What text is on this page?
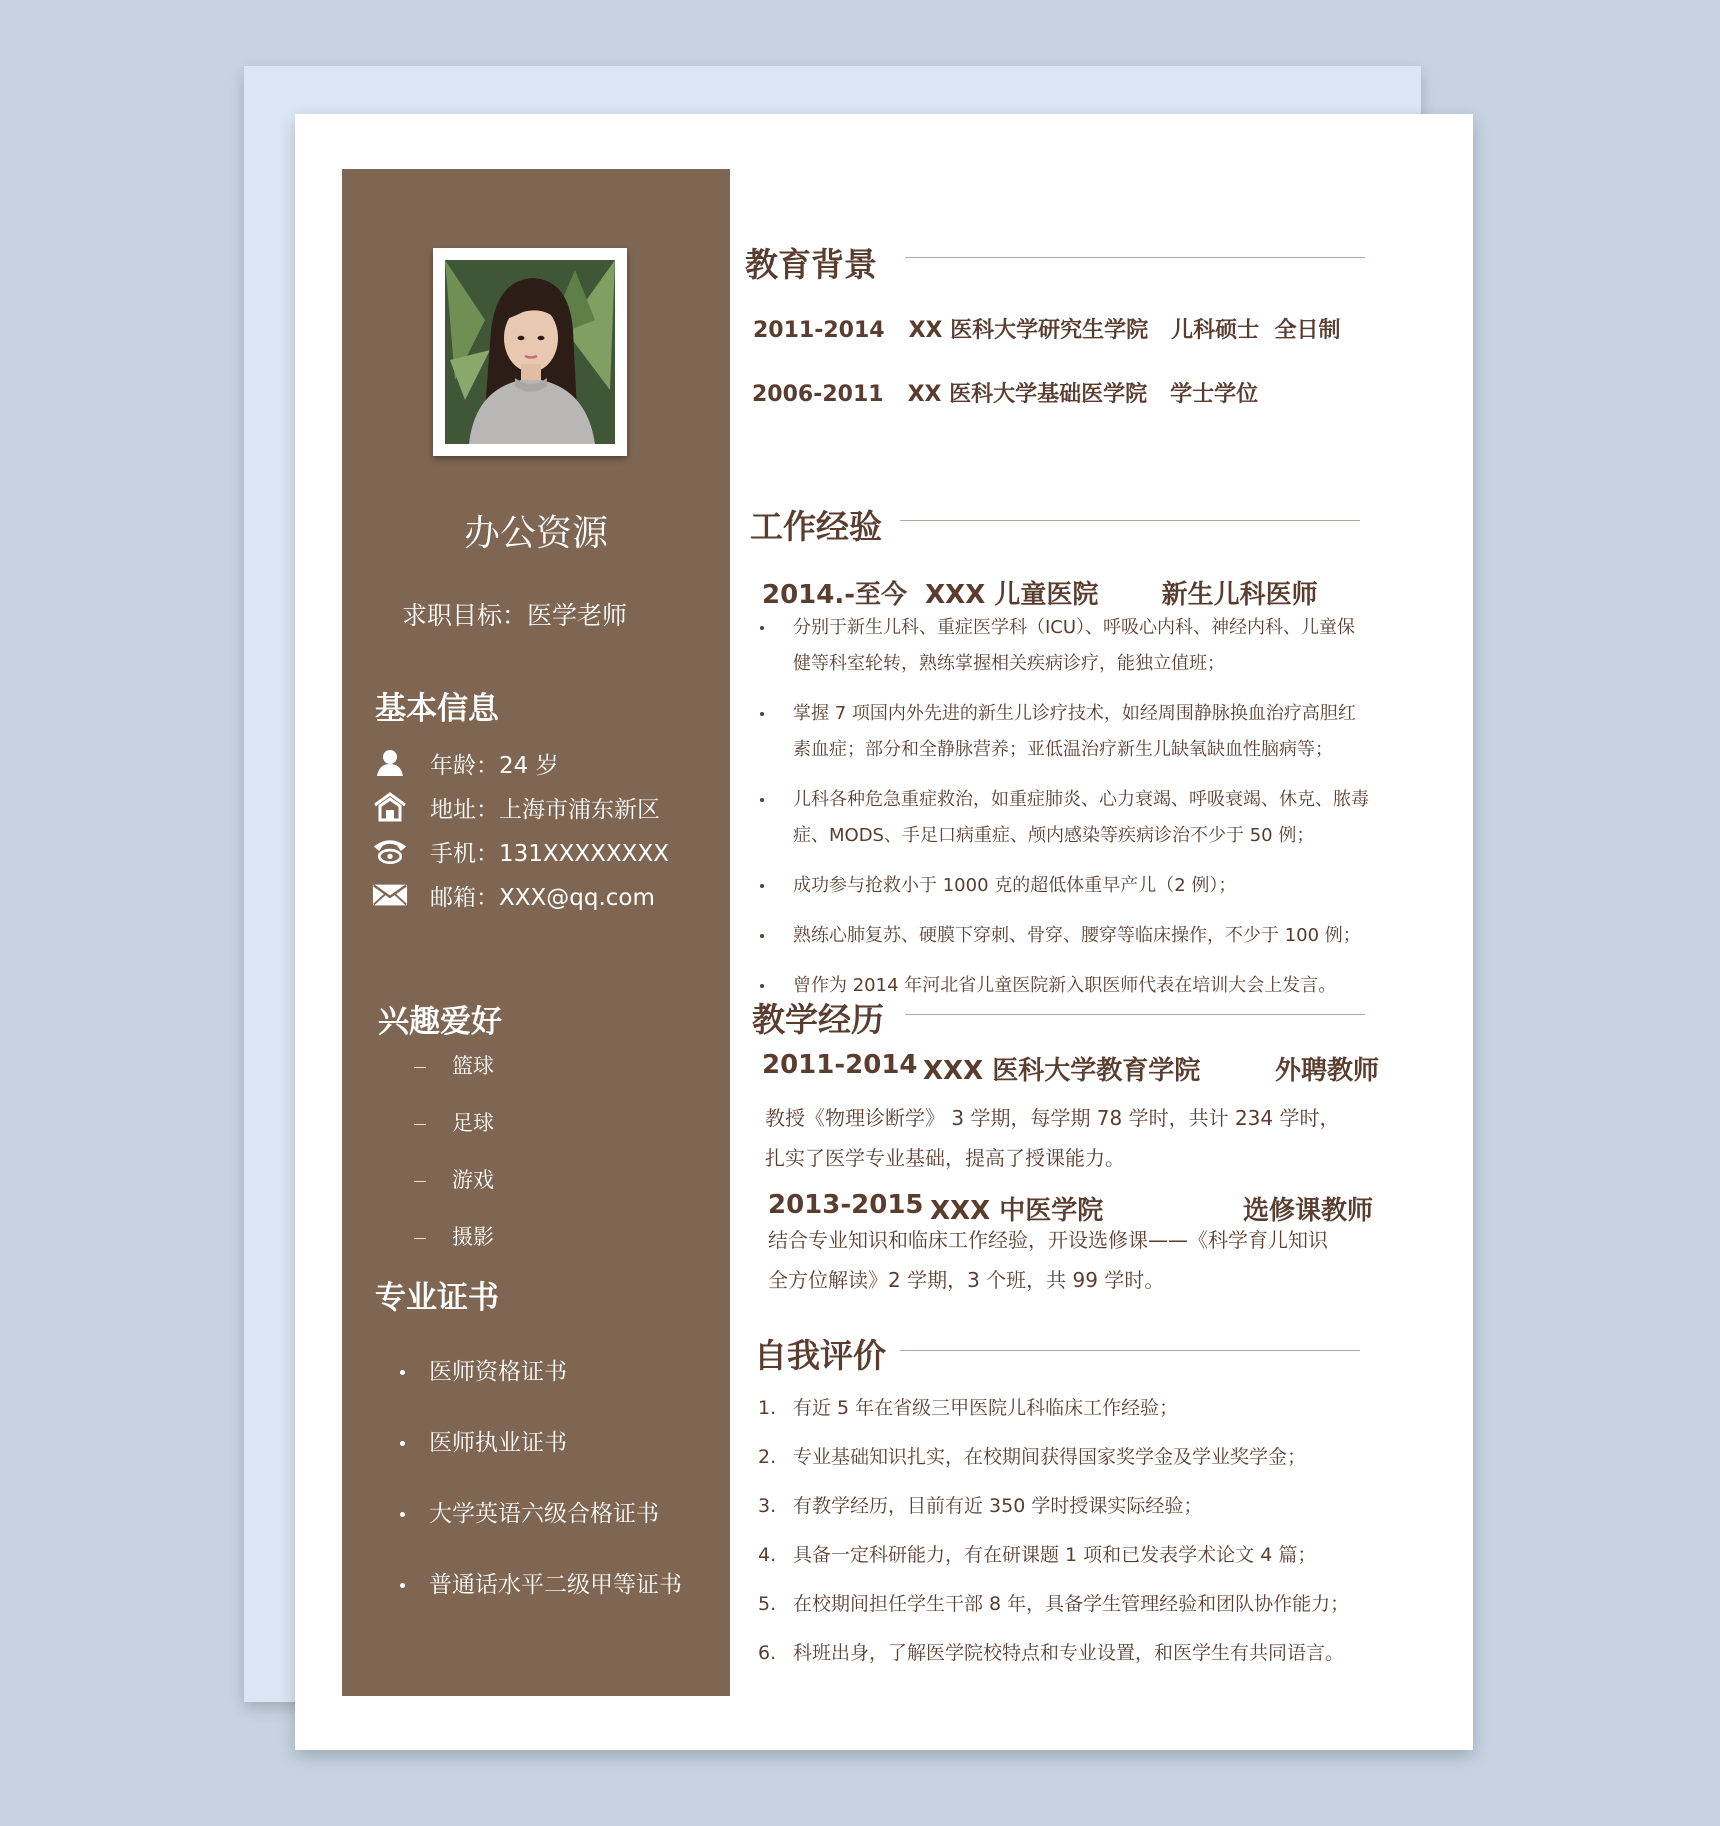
办公资源
求职目标：医学老师
基本信息
年龄：24 岁
地址：上海市浦东新区
手机：131XXXXXXXX
邮箱：XXX@qq.com
兴趣爱好
篮球
足球
游戏
摄影
专业证书
医师资格证书
医师执业证书
大学英语六级合格证书
普通话水平二级甲等证书
教育背景
2011-2014 XX 医科大学研究生学院   儿科硕士  全日制
2006-2011 XX 医科大学基础医学院   学士学位
工作经验
2014.-至今  XXX 儿童医院       新生儿科医师
分别于新生儿科、重症医学科（ICU）、呼吸心内科、神经内科、儿童保
健等科室轮转，熟练掌握相关疾病诊疗，能独立值班；
掌握 7 项国内外先进的新生儿诊疗技术，如经周围静脉换血治疗高胆红
素血症；部分和全静脉营养；亚低温治疗新生儿缺氧缺血性脑病等；
儿科各种危急重症救治，如重症肺炎、心力衰竭、呼吸衰竭、休克、脓毒
症、MODS、手足口病重症、颅内感染等疾病诊治不少于 50 例；
成功参与抢救小于 1000 克的超低体重早产儿（2 例）；
熟练心肺复苏、硬膜下穿刺、骨穿、腰穿等临床操作，不少于 100 例；
曾作为 2014 年河北省儿童医院新入职医师代表在培训大会上发言。
教学经历
2011-2014 XXX 医科大学教育学院	外聘教师
教授《物理诊断学》 3 学期，每学期 78 学时，共计 234 学时，
扎实了医学专业基础，提高了授课能力。
2013-2015 XXX 中医学院	选修课教师
结合专业知识和临床工作经验，开设选修课——《科学育儿知识
全方位解读》2 学期，3 个班，共 99 学时。
自我评价
1. 有近 5 年在省级三甲医院儿科临床工作经验；
2. 专业基础知识扎实，在校期间获得国家奖学金及学业奖学金；
3. 有教学经历，目前有近 350 学时授课实际经验；
4. 具备一定科研能力，有在研课题 1 项和已发表学术论文 4 篇；
5. 在校期间担任学生干部 8 年，具备学生管理经验和团队协作能力；
6. 科班出身，了解医学院校特点和专业设置，和医学生有共同语言。
